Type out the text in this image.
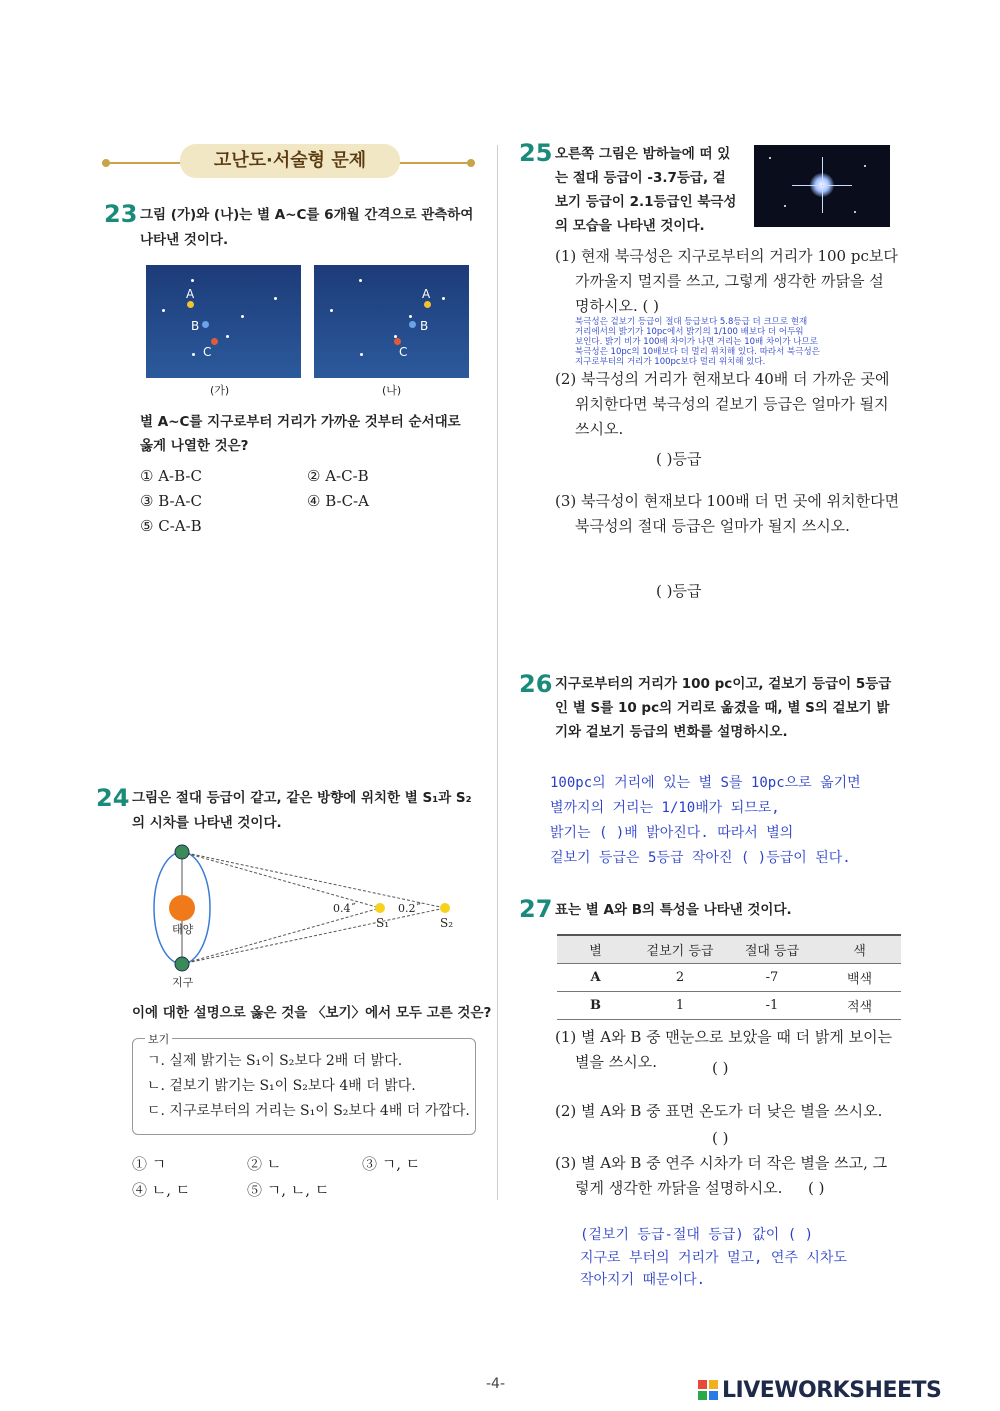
고난도·서술형 문제
23 그림 (가)와 (나)는 별 A~C를 6개월 간격으로 관측하여
나타낸 것이다.
A
B
C
(가)
A
B
C
(나)
별 A~C를 지구로부터 거리가 가까운 것부터 순서대로
옳게 나열한 것은?
① A-B-C	② A-C-B
③ B-A-C	④ B-C-A
⑤ C-A-B
24 그림은 절대 등급이 같고, 같은 방향에 위치한 별 S₁과 S₂
의 시차를 나타낸 것이다.
태양
지구
0.4˝	0.2˝
S₁	S₂
이에 대한 설명으로 옳은 것을 〈보기〉에서 모두 고른 것은?
보기
ㄱ. 실제 밝기는 S₁이 S₂보다 2배 더 밝다.
ㄴ. 겉보기 밝기는 S₁이 S₂보다 4배 더 밝다.
ㄷ. 지구로부터의 거리는 S₁이 S₂보다 4배 더 가깝다.
① ㄱ	② ㄴ	③ ㄱ, ㄷ
④ ㄴ, ㄷ	⑤ ㄱ, ㄴ, ㄷ
25 오른쪽 그림은 밤하늘에 떠 있
는 절대 등급이 -3.7등급, 겉
보기 등급이 2.1등급인 북극성
의 모습을 나타낸 것이다.
(1) 현재 북극성은 지구로부터의 거리가 100 pc보다
가까울지 멀지를 쓰고, 그렇게 생각한 까닭을 설
명하시오. ( )
북극성은 겉보기 등급이 절대 등급보다 5.8등급 더 크므로 현재
거리에서의 밝기가 10pc에서 밝기의 1/100 배보다 더 어두워
보인다. 밝기 비가 100배 차이가 나면 거리는 10배 차이가 나므로
북극성은 10pc의 10배보다 더 멀리 위치해 있다. 따라서 북극성은
지구로부터의 거리가 100pc보다 멀리 위치해 있다.
(2) 북극성의 거리가 현재보다 40배 더 가까운 곳에
위치한다면 북극성의 겉보기 등급은 얼마가 될지
쓰시오.
( )등급
(3) 북극성이 현재보다 100배 더 먼 곳에 위치한다면
북극성의 절대 등급은 얼마가 될지 쓰시오.
( )등급
26 지구로부터의 거리가 100 pc이고, 겉보기 등급이 5등급
인 별 S를 10 pc의 거리로 옮겼을 때, 별 S의 겉보기 밝
기와 겉보기 등급의 변화를 설명하시오.
100pc의 거리에 있는 별 S를 10pc으로 옮기면
별까지의 거리는 1/10배가 되므로,
밝기는 ( )배 밝아진다. 따라서 별의
겉보기 등급은 5등급 작아진 ( )등급이 된다.
27 표는 별 A와 B의 특성을 나타낸 것이다.
별	겉보기 등급	절대 등급	색
A	2	-7	백색
B	1	-1	적색
(1) 별 A와 B 중 맨눈으로 보았을 때 더 밝게 보이는
별을 쓰시오.	( )
(2) 별 A와 B 중 표면 온도가 더 낮은 별을 쓰시오.
( )
(3) 별 A와 B 중 연주 시차가 더 작은 별을 쓰고, 그
렇게 생각한 까닭을 설명하시오. ( )
(겉보기 등급-절대 등급) 값이 ( )
지구로 부터의 거리가 멀고, 연주 시차도
작아지기 때문이다.
-4-	LIVEWORKSHEETS
